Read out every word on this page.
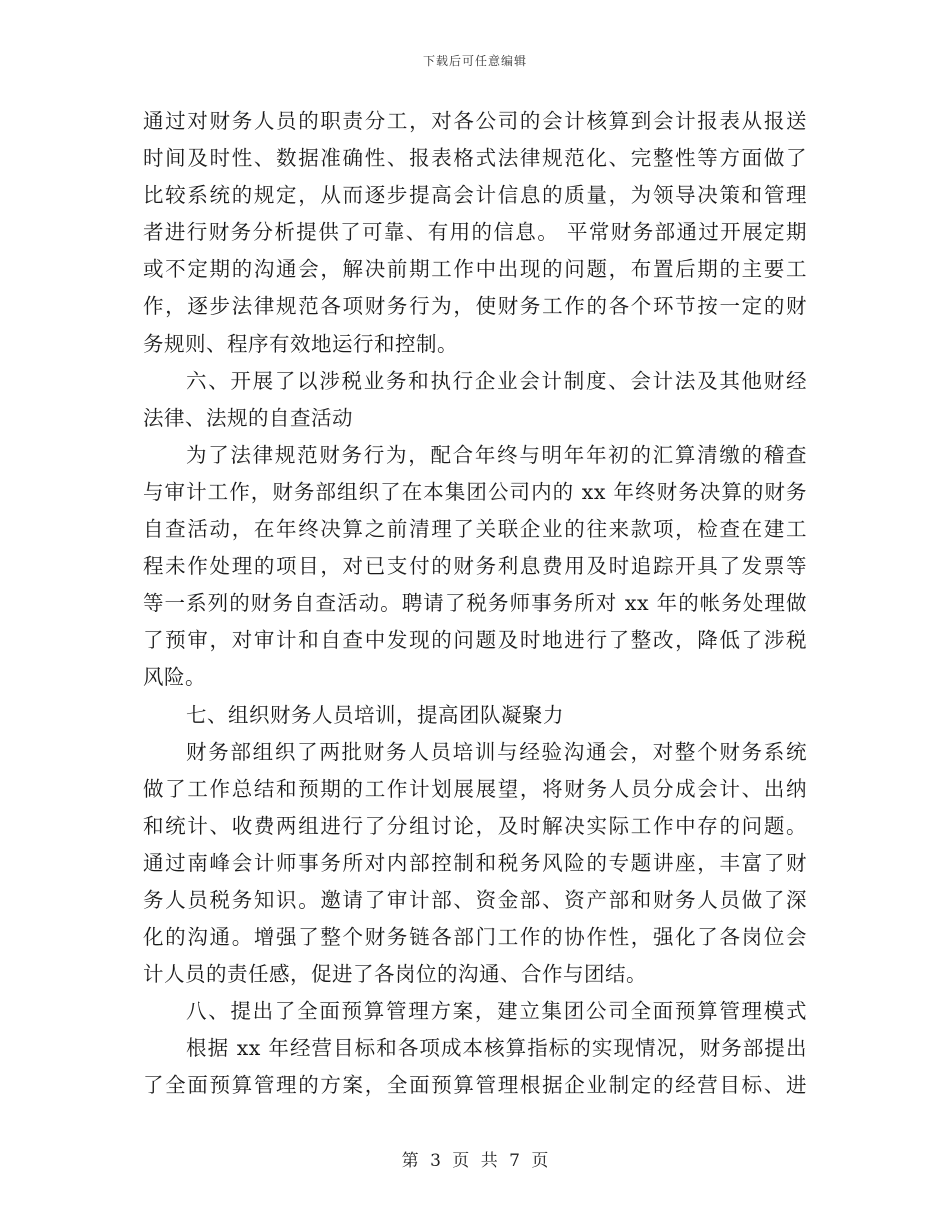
下载后可任意编辑
通过对财务人员的职责分工，对各公司的会计核算到会计报表从报送
时间及时性、数据准确性、报表格式法律规范化、完整性等方面做了
比较系统的规定，从而逐步提高会计信息的质量，为领导决策和管理
者进行财务分析提供了可靠、有用的信息。 平常财务部通过开展定期
或不定期的沟通会，解决前期工作中出现的问题，布置后期的主要工
作，逐步法律规范各项财务行为，使财务工作的各个环节按一定的财
务规则、程序有效地运行和控制。
六、开展了以涉税业务和执行企业会计制度、会计法及其他财经
法律、法规的自查活动
为了法律规范财务行为，配合年终与明年年初的汇算清缴的稽查
与审计工作，财务部组织了在本集团公司内的 xx 年终财务决算的财务
自查活动，在年终决算之前清理了关联企业的往来款项，检查在建工
程未作处理的项目，对已支付的财务利息费用及时追踪开具了发票等
等一系列的财务自查活动。聘请了税务师事务所对 xx 年的帐务处理做
了预审，对审计和自查中发现的问题及时地进行了整改，降低了涉税
风险。
七、组织财务人员培训，提高团队凝聚力
财务部组织了两批财务人员培训与经验沟通会，对整个财务系统
做了工作总结和预期的工作计划展展望，将财务人员分成会计、出纳
和统计、收费两组进行了分组讨论，及时解决实际工作中存的问题。
通过南峰会计师事务所对内部控制和税务风险的专题讲座，丰富了财
务人员税务知识。邀请了审计部、资金部、资产部和财务人员做了深
化的沟通。增强了整个财务链各部门工作的协作性，强化了各岗位会
计人员的责任感，促进了各岗位的沟通、合作与团结。
八、提出了全面预算管理方案，建立集团公司全面预算管理模式
根据 xx 年经营目标和各项成本核算指标的实现情况，财务部提出
了全面预算管理的方案，全面预算管理根据企业制定的经营目标、进
第 3 页 共 7 页
